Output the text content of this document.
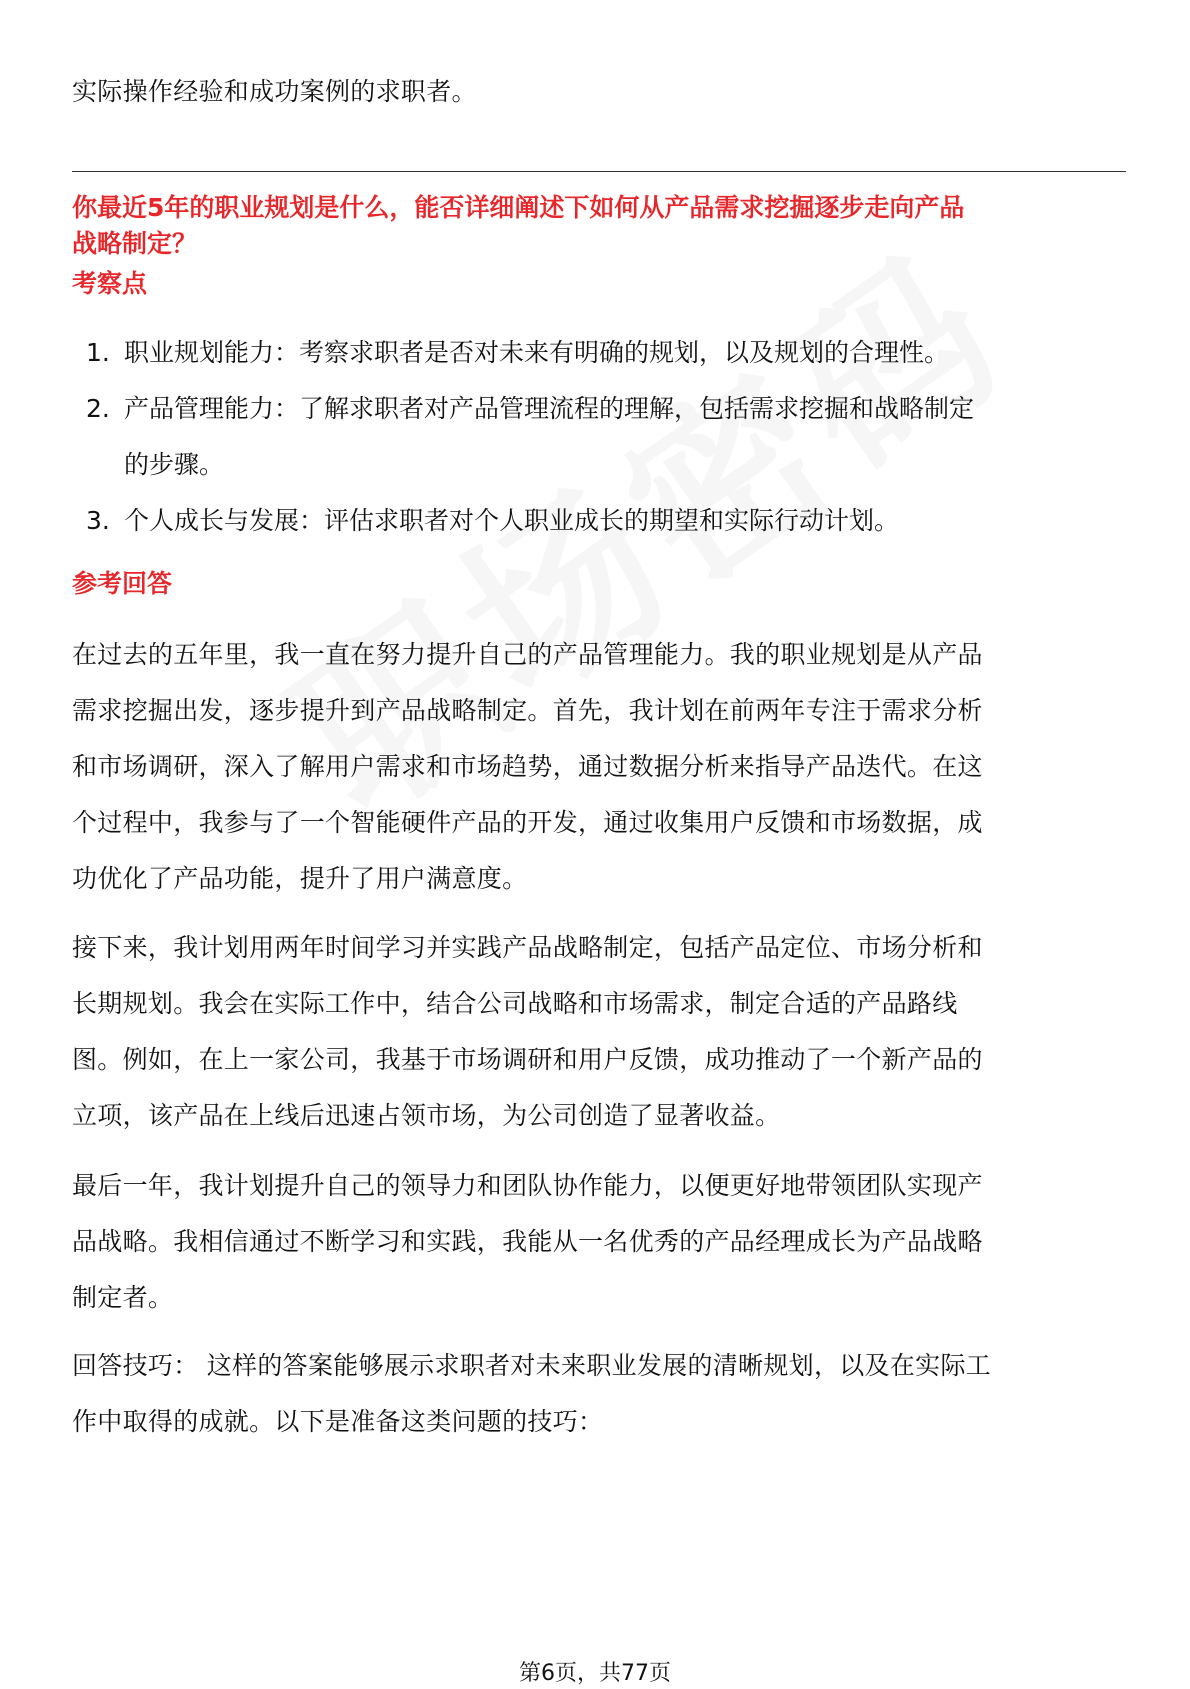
实际操作经验和成功案例的求职者。
你最近5年的职业规划是什么，能否详细阐述下如何从产品需求挖掘逐步走向产品
战略制定？
考察点
1. 职业规划能力：考察求职者是否对未来有明确的规划，以及规划的合理性。
2. 产品管理能力：了解求职者对产品管理流程的理解，包括需求挖掘和战略制定
的步骤。
3. 个人成长与发展：评估求职者对个人职业成长的期望和实际行动计划。
参考回答
在过去的五年里，我一直在努力提升自己的产品管理能力。我的职业规划是从产品
需求挖掘出发，逐步提升到产品战略制定。首先，我计划在前两年专注于需求分析
和市场调研，深入了解用户需求和市场趋势，通过数据分析来指导产品迭代。在这
个过程中，我参与了一个智能硬件产品的开发，通过收集用户反馈和市场数据，成
功优化了产品功能，提升了用户满意度。
接下来，我计划用两年时间学习并实践产品战略制定，包括产品定位、市场分析和
长期规划。我会在实际工作中，结合公司战略和市场需求，制定合适的产品路线
图。例如，在上一家公司，我基于市场调研和用户反馈，成功推动了一个新产品的
立项，该产品在上线后迅速占领市场，为公司创造了显著收益。
最后一年，我计划提升自己的领导力和团队协作能力，以便更好地带领团队实现产
品战略。我相信通过不断学习和实践，我能从一名优秀的产品经理成长为产品战略
制定者。
回答技巧： 这样的答案能够展示求职者对未来职业发展的清晰规划，以及在实际工
作中取得的成就。以下是准备这类问题的技巧：
第6页，共77页
